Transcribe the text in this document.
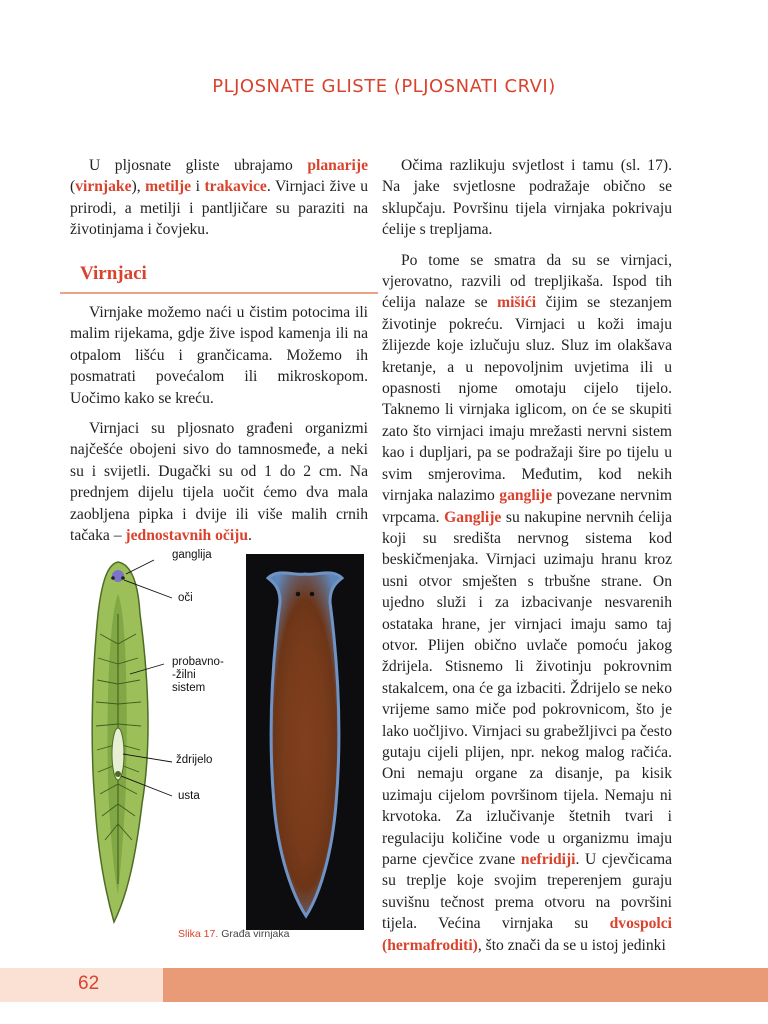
PLJOSNATE GLISTE (PLJOSNATI CRVI)

U pljosnate gliste ubrajamo planarije (virnjake), metilje i trakavice. Virnjaci žive u prirodi, a metilji i pantljičare su paraziti na životinjama i čovjeku.

Virnjaci

Virnjake možemo naći u čistim potocima ili malim rijekama, gdje žive ispod kamenja ili na otpalom lišću i grančicama. Možemo ih posmatrati povećalom ili mikroskopom. Uočimo kako se kreću.

Virnjaci su pljosnato građeni organizmi najčešće obojeni sivo do tamnosmeđe, a neki su i svijetli. Dugački su od 1 do 2 cm. Na prednjem dijelu tijela uočit ćemo dva mala zaobljena pipka i dvije ili više malih crnih tačaka – jednostavnih očiju.

ganglija
oči
probavno-
-žilni
sistem
ždrijelo
usta
Slika 17. Građa virnjaka

Očima razlikuju svjetlost i tamu (sl. 17). Na jake svjetlosne podražaje obično se sklupčaju. Površinu tijela virnjaka pokrivaju ćelije s trepljama.

Po tome se smatra da su se virnjaci, vjerovatno, razvili od trepljikaša. Ispod tih ćelija nalaze se mišići čijim se stezanjem životinje pokreću. Virnjaci u koži imaju žlijezde koje izlučuju sluz. Sluz im olakšava kretanje, a u nepovoljnim uvjetima ili u opasnosti njome omotaju cijelo tijelo. Taknemo li virnjaka iglicom, on će se skupiti zato što virnjaci imaju mrežasti nervni sistem kao i dupljari, pa se podražaji šire po tijelu u svim smjerovima. Međutim, kod nekih virnjaka nalazimo ganglije povezane nervnim vrpcama. Ganglije su nakupine nervnih ćelija koji su središta nervnog sistema kod beskičmenjaka. Virnjaci uzimaju hranu kroz usni otvor smješten s trbušne strane. On ujedno služi i za izbacivanje nesvarenih ostataka hrane, jer virnjaci imaju samo taj otvor. Plijen obično uvlače pomoću jakog ždrijela. Stisnemo li životinju pokrovnim stakalcem, ona će ga izbaciti. Ždrijelo se neko vrijeme samo miče pod pokrovnicom, što je lako uočljivo. Virnjaci su grabežljivci pa često gutaju cijeli plijen, npr. nekog malog račića. Oni nemaju organe za disanje, pa kisik uzimaju cijelom površinom tijela. Nemaju ni krvotoka. Za izlučivanje štetnih tvari i regulaciju količine vode u organizmu imaju parne cjevčice zvane nefridiji. U cjevčicama su treplje koje svojim treperenjem guraju suvišnu tečnost prema otvoru na površini tijela. Većina virnjaka su dvospolci (hermafroditi), što znači da se u istoj jedinki

62
